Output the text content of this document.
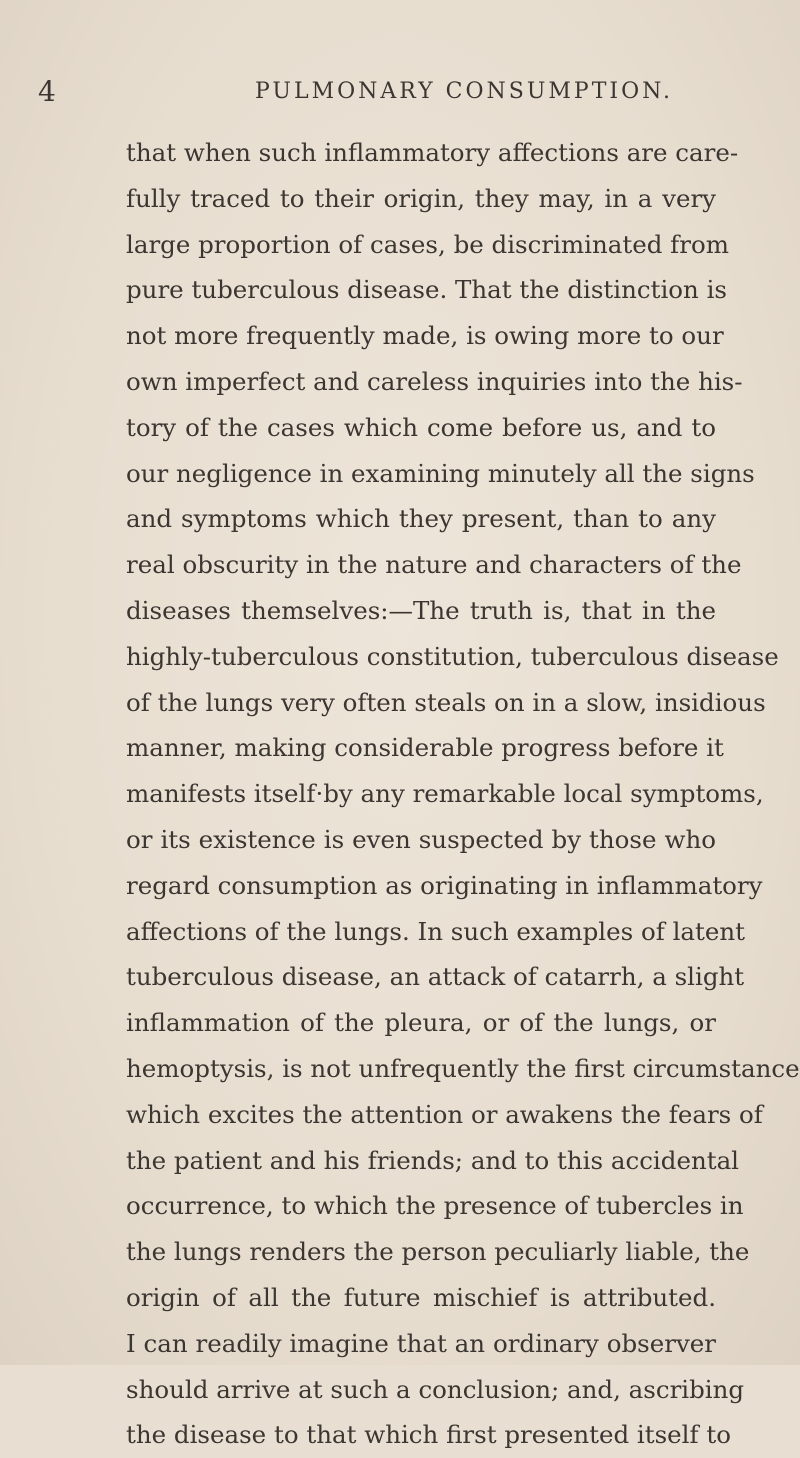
4	PULMONARY CONSUMPTION.
that when such inflammatory affections are care-
fully traced to their origin, they may, in a very
large proportion of cases, be discriminated from
pure tuberculous disease. That the distinction is
not more frequently made, is owing more to our
own imperfect and careless inquiries into the his-
tory of the cases which come before us, and to
our negligence in examining minutely all the signs
and symptoms which they present, than to any
real obscurity in the nature and characters of the
diseases themselves:—The truth is, that in the
highly-tuberculous constitution, tuberculous disease
of the lungs very often steals on in a slow, insidious
manner, making considerable progress before it
manifests itself·by any remarkable local symptoms,
or its existence is even suspected by those who
regard consumption as originating in inflammatory
affections of the lungs. In such examples of latent
tuberculous disease, an attack of catarrh, a slight
inflammation of the pleura, or of the lungs, or
hemoptysis, is not unfrequently the first circumstance
which excites the attention or awakens the fears of
the patient and his friends; and to this accidental
occurrence, to which the presence of tubercles in
the lungs renders the person peculiarly liable, the
origin of all the future mischief is attributed.
I can readily imagine that an ordinary observer
should arrive at such a conclusion; and, ascribing
the disease to that which first presented itself to
